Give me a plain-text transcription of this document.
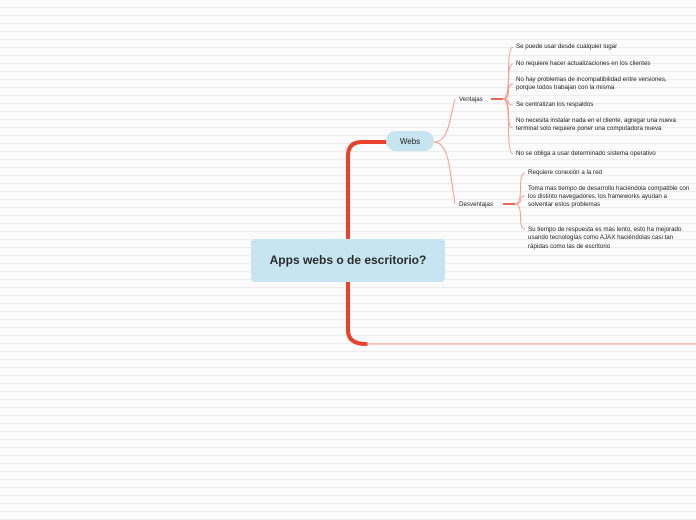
Apps webs o de escritorio?
Webs
Ventajas
Desventajas
Se puede usar desde cualquier lugar
No requiere hacer actualizaciones en los clientes
No hay problemas de incompatibilidad entre versiones, porque todos trabajan con la misma
Se centralizan los respaldos
No necesita instalar nada en el cliente, agregar una nueva terminal solo requiere poner una computadora nueva
No se obliga a usar determinado sistema operativo
Requiere conexión a la red
Toma mas tiempo de desarrollo haciéndola compatible con los distinto navegadores, los frameworks ayudan a solventar estos problemas

Su tiempo de respuesta es más lento, esto ha mejorado usando tecnologías como AJAX haciéndolas casi tan rápidas como las de escritorio
